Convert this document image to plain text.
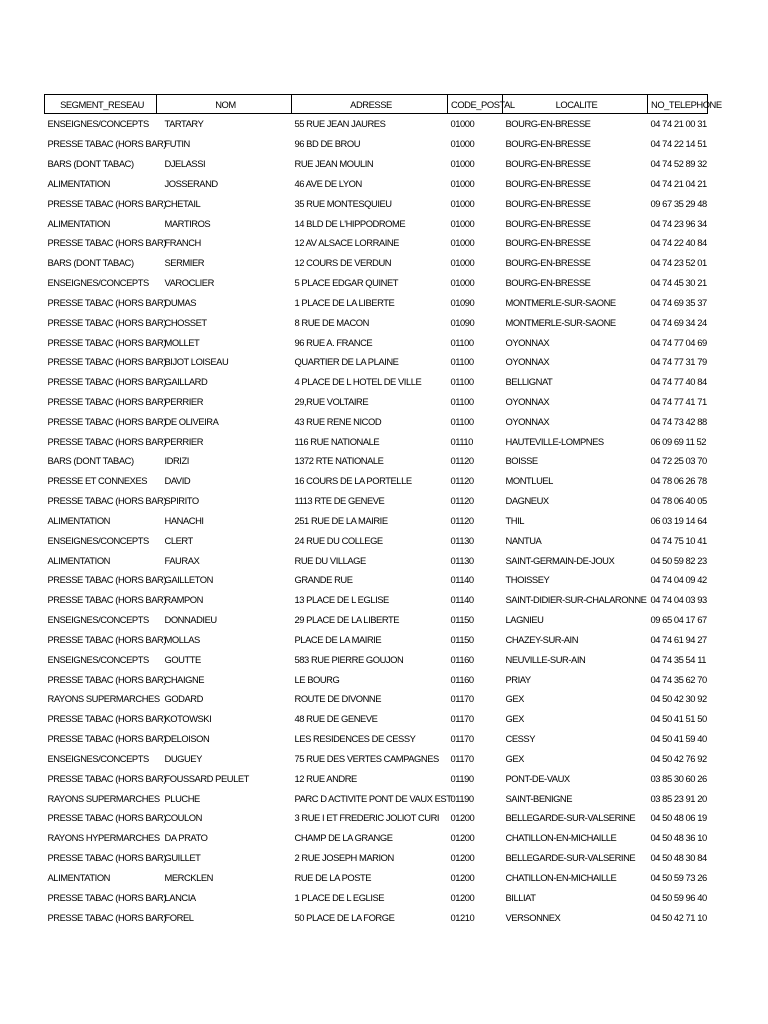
SEGMENT_RESEAU	NOM	ADRESSE	CODE_POSTAL	LOCALITE	NO_TELEPHONE
ENSEIGNES/CONCEPTS	TARTARY	55 RUE JEAN JAURES	01000	BOURG-EN-BRESSE	04 74 21 00 31
PRESSE TABAC (HORS BAR)	FUTIN	96 BD DE BROU	01000	BOURG-EN-BRESSE	04 74 22 14 51
BARS (DONT TABAC)	DJELASSI	RUE JEAN MOULIN	01000	BOURG-EN-BRESSE	04 74 52 89 32
ALIMENTATION	JOSSERAND	46 AVE DE LYON	01000	BOURG-EN-BRESSE	04 74 21 04 21
PRESSE TABAC (HORS BAR)	CHETAIL	35 RUE MONTESQUIEU	01000	BOURG-EN-BRESSE	09 67 35 29 48
ALIMENTATION	MARTIROS	14 BLD DE L'HIPPODROME	01000	BOURG-EN-BRESSE	04 74 23 96 34
PRESSE TABAC (HORS BAR)	FRANCH	12 AV ALSACE LORRAINE	01000	BOURG-EN-BRESSE	04 74 22 40 84
BARS (DONT TABAC)	SERMIER	12 COURS DE VERDUN	01000	BOURG-EN-BRESSE	04 74 23 52 01
ENSEIGNES/CONCEPTS	VAROCLIER	5 PLACE EDGAR QUINET	01000	BOURG-EN-BRESSE	04 74 45 30 21
PRESSE TABAC (HORS BAR)	DUMAS	1 PLACE DE LA LIBERTE	01090	MONTMERLE-SUR-SAONE	04 74 69 35 37
PRESSE TABAC (HORS BAR)	CHOSSET	8 RUE DE MACON	01090	MONTMERLE-SUR-SAONE	04 74 69 34 24
PRESSE TABAC (HORS BAR)	MOLLET	96 RUE A. FRANCE	01100	OYONNAX	04 74 77 04 69
PRESSE TABAC (HORS BAR)	BIJOT LOISEAU	QUARTIER DE LA PLAINE	01100	OYONNAX	04 74 77 31 79
PRESSE TABAC (HORS BAR)	GAILLARD	4 PLACE DE L HOTEL DE VILLE	01100	BELLIGNAT	04 74 77 40 84
PRESSE TABAC (HORS BAR)	PERRIER	29,RUE VOLTAIRE	01100	OYONNAX	04 74 77 41 71
PRESSE TABAC (HORS BAR)	DE OLIVEIRA	43 RUE RENE NICOD	01100	OYONNAX	04 74 73 42 88
PRESSE TABAC (HORS BAR)	PERRIER	116 RUE NATIONALE	01110	HAUTEVILLE-LOMPNES	06 09 69 11 52
BARS (DONT TABAC)	IDRIZI	1372 RTE NATIONALE	01120	BOISSE	04 72 25 03 70
PRESSE ET CONNEXES	DAVID	16 COURS DE LA PORTELLE	01120	MONTLUEL	04 78 06 26 78
PRESSE TABAC (HORS BAR)	SPIRITO	1113 RTE DE GENEVE	01120	DAGNEUX	04 78 06 40 05
ALIMENTATION	HANACHI	251 RUE DE LA MAIRIE	01120	THIL	06 03 19 14 64
ENSEIGNES/CONCEPTS	CLERT	24 RUE DU COLLEGE	01130	NANTUA	04 74 75 10 41
ALIMENTATION	FAURAX	RUE DU VILLAGE	01130	SAINT-GERMAIN-DE-JOUX	04 50 59 82 23
PRESSE TABAC (HORS BAR)	GAILLETON	GRANDE RUE	01140	THOISSEY	04 74 04 09 42
PRESSE TABAC (HORS BAR)	RAMPON	13 PLACE DE L EGLISE	01140	SAINT-DIDIER-SUR-CHALARONNE	04 74 04 03 93
ENSEIGNES/CONCEPTS	DONNADIEU	29 PLACE DE LA LIBERTE	01150	LAGNIEU	09 65 04 17 67
PRESSE TABAC (HORS BAR)	MOLLAS	PLACE DE LA MAIRIE	01150	CHAZEY-SUR-AIN	04 74 61 94 27
ENSEIGNES/CONCEPTS	GOUTTE	583 RUE PIERRE GOUJON	01160	NEUVILLE-SUR-AIN	04 74 35 54 11
PRESSE TABAC (HORS BAR)	CHAIGNE	LE BOURG	01160	PRIAY	04 74 35 62 70
RAYONS SUPERMARCHES	GODARD	ROUTE DE DIVONNE	01170	GEX	04 50 42 30 92
PRESSE TABAC (HORS BAR)	KOTOWSKI	48 RUE DE GENEVE	01170	GEX	04 50 41 51 50
PRESSE TABAC (HORS BAR)	DELOISON	LES RESIDENCES DE CESSY	01170	CESSY	04 50 41 59 40
ENSEIGNES/CONCEPTS	DUGUEY	75 RUE DES VERTES CAMPAGNES	01170	GEX	04 50 42 76 92
PRESSE TABAC (HORS BAR)	FOUSSARD PEULET	12 RUE ANDRE	01190	PONT-DE-VAUX	03 85 30 60 26
RAYONS SUPERMARCHES	PLUCHE	PARC D ACTIVITE PONT DE VAUX EST	01190	SAINT-BENIGNE	03 85 23 91 20
PRESSE TABAC (HORS BAR)	COULON	3 RUE I ET FREDERIC JOLIOT CURI	01200	BELLEGARDE-SUR-VALSERINE	04 50 48 06 19
RAYONS HYPERMARCHES	DA PRATO	CHAMP DE LA GRANGE	01200	CHATILLON-EN-MICHAILLE	04 50 48 36 10
PRESSE TABAC (HORS BAR)	GUILLET	2 RUE JOSEPH MARION	01200	BELLEGARDE-SUR-VALSERINE	04 50 48 30 84
ALIMENTATION	MERCKLEN	RUE DE LA POSTE	01200	CHATILLON-EN-MICHAILLE	04 50 59 73 26
PRESSE TABAC (HORS BAR)	LANCIA	1 PLACE DE L EGLISE	01200	BILLIAT	04 50 59 96 40
PRESSE TABAC (HORS BAR)	FOREL	50 PLACE DE LA FORGE	01210	VERSONNEX	04 50 42 71 10
